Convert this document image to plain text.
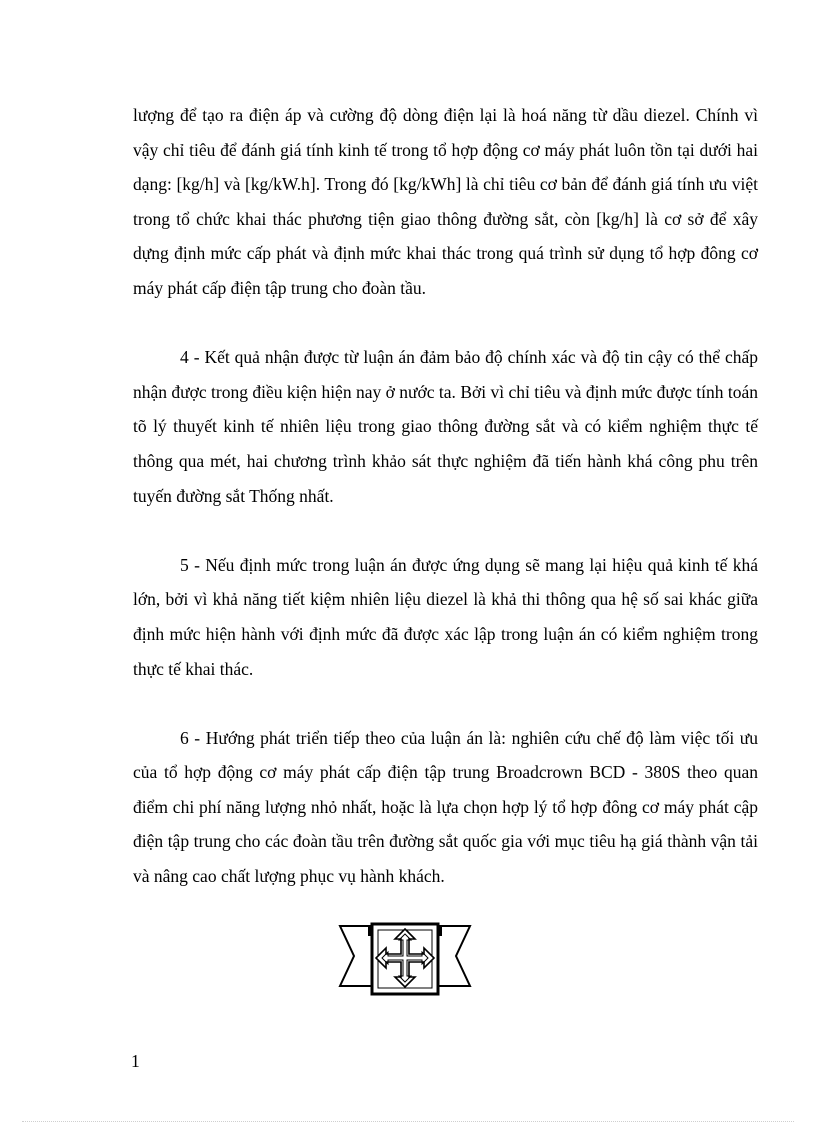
lượng để tạo ra điện áp và cường độ dòng điện lại là hoá năng từ dầu diezel. Chính vì vậy chỉ tiêu để đánh giá tính kinh tế trong tổ hợp động cơ máy phát luôn tồn tại dưới hai dạng: [kg/h] và [kg/kW.h]. Trong đó [kg/kWh] là chỉ tiêu cơ bản để đánh giá tính ưu việt trong tổ chức khai thác phương tiện giao thông đường sắt, còn [kg/h] là cơ sở để xây dựng định mức cấp phát và định mức khai thác trong quá trình sử dụng tổ hợp đông cơ máy phát cấp điện tập trung cho đoàn tầu.

4 - Kết quả nhận được từ luận án đảm bảo độ chính xác và độ tin cậy có thể chấp nhận được trong điều kiện hiện nay ở nước ta. Bởi vì chỉ tiêu và định mức được tính toán tõ lý thuyết kinh tế nhiên liệu trong giao thông đường sắt và có kiểm nghiệm thực tế thông qua mét, hai chương trình khảo sát thực nghiệm đã tiến hành khá công phu trên tuyến đường sắt Thống nhất.

5 - Nếu định mức trong luận án được ứng dụng sẽ mang lại hiệu quả kinh tế khá lớn, bởi vì khả năng tiết kiệm nhiên liệu diezel là khả thi thông qua hệ số sai khác giữa định mức hiện hành với định mức đã được xác lập trong luận án có kiểm nghiệm trong thực tế khai thác.

6 - Hướng phát triển tiếp theo của luận án là: nghiên cứu chế độ làm việc tối ưu của tổ hợp động cơ máy phát cấp điện tập trung Broadcrown BCD - 380S theo quan điểm chi phí năng lượng nhỏ nhất, hoặc là lựa chọn hợp lý tổ hợp đông cơ máy phát cập điện tập trung cho các đoàn tầu trên đường sắt quốc gia với mục tiêu hạ giá thành vận tải và nâng cao chất lượng phục vụ hành khách.

1
